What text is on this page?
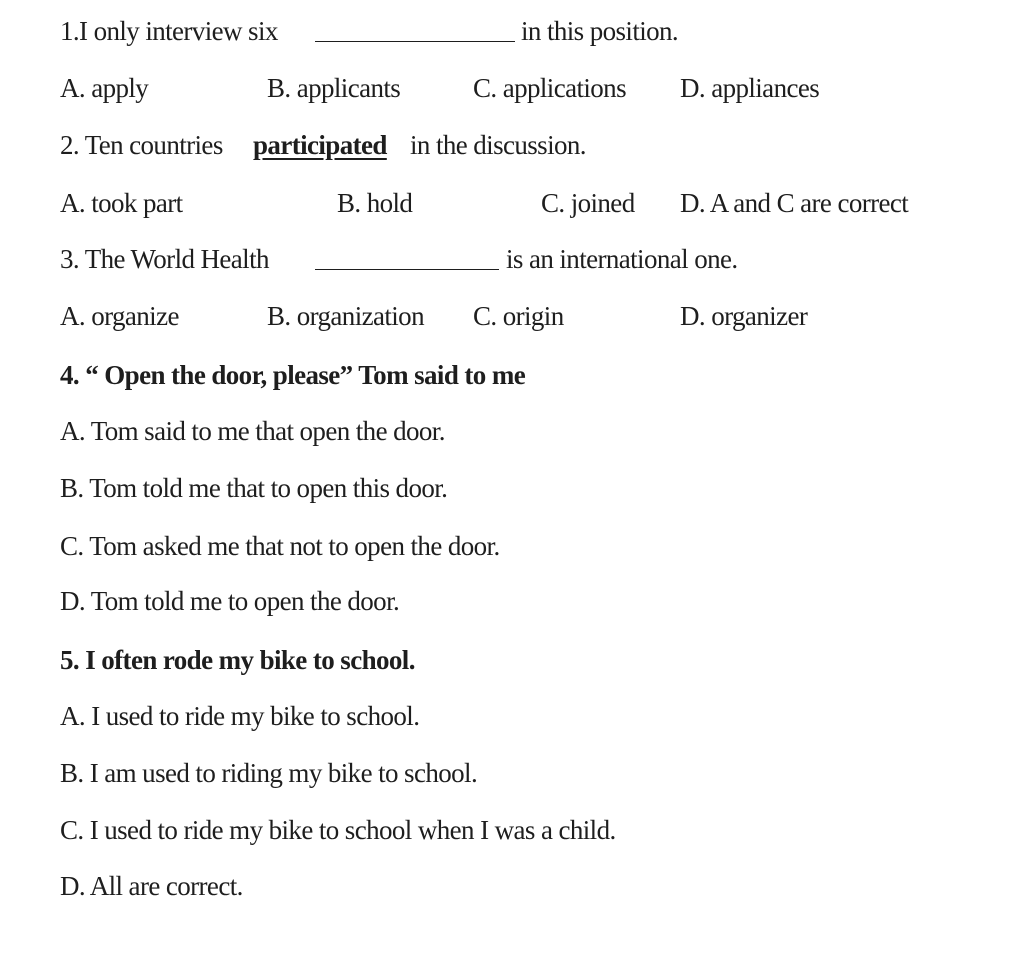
1.I only interview six	in this position.
A. apply	B. applicants	C. applications D. appliances
2. Ten countries participated in the discussion.
A. took part	B. hold	C. joined D. A and C are correct
3. The World Health	is an international one.
A. organize	B. organization C. origin	D. organizer
4. “ Open the door, please” Tom said to me
A. Tom said to me that open the door.
B. Tom told me that to open this door.
C. Tom asked me that not to open the door.
D. Tom told me to open the door.
5. I often rode my bike to school.
A. I used to ride my bike to school.
B. I am used to riding my bike to school.
C. I used to ride my bike to school when I was a child.
D. All are correct.
